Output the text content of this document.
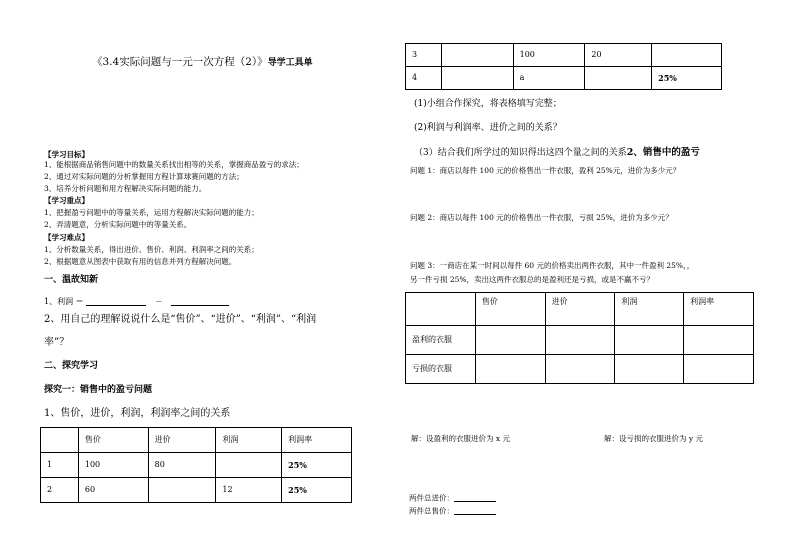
《3.4实际问题与一元一次方程（2）》导学工具单
【学习目标】
1、能根据商品销售问题中的数量关系找出相等的关系，掌握商品盈亏的求法；
2、通过对实际问题的分析掌握用方程计算球赛问题的方法；
3、培养分析问题和用方程解决实际问题的能力。
【学习重点】
1、把握盈亏问题中的等量关系，运用方程解决实际问题的能力；
2、弄清题意，分析实际问题中的等量关系。
【学习难点】
1、分析数量关系，得出进价、售价、利润、利润率之间的关系；
2、根据题意从图表中获取有用的信息并列方程解决问题。
一、温故知新
1、利润 ＝	－
2、用自己的理解说说什么是“售价”、“进价”、“利润”、“利润
率”？
二、探究学习
探究一：销售中的盈亏问题
1、售价，进价，利润，利润率之间的关系
	售价	进价	利润	利润率
1	100	80		25%
2	60		12	25%
3		100	20	
4		a		25%
(1)小组合作探究，将表格填写完整；
(2)利润与利润率、进价之间的关系？
（3）结合我们所学过的知识得出这四个量之间的关系2、销售中的盈亏
问题 1：商店以每件 100 元的价格售出一件衣服，盈利 25%元，进价为多少元？
问题 2：商店以每件 100 元的价格售出一件衣服，亏损 25%，进价为多少元？
问题 3：一商店在某一时间以每件 60 元的价格卖出两件衣服，其中一件盈利 25%，，
另一件亏损 25%，卖出这两件衣服总的是盈利还是亏损，或是不赢不亏？
	售价	进价	利润	利润率
盈利的衣服				
亏损的衣服				
解：设盈利的衣服进价为 x 元	解：设亏损的衣服进价为 y 元
两件总进价：
两件总售价：
